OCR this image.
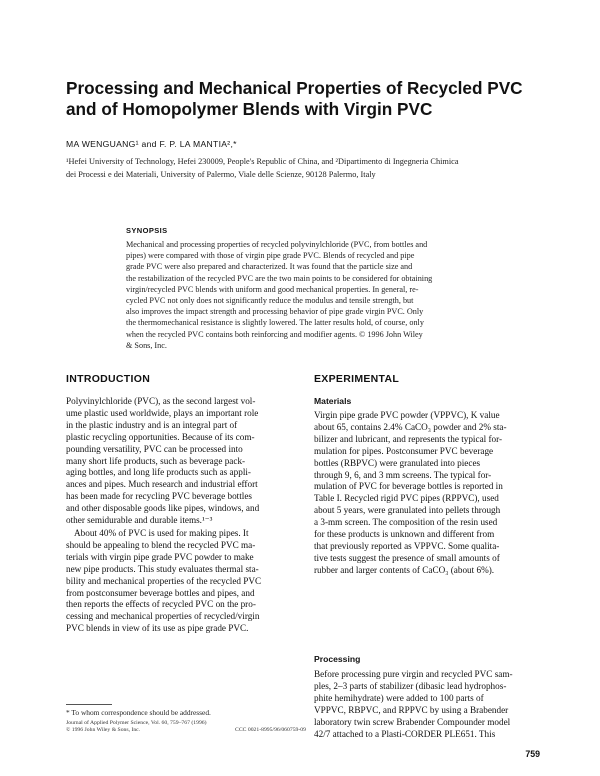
Processing and Mechanical Properties of Recycled PVC
and of Homopolymer Blends with Virgin PVC
MA WENGUANG¹ and F. P. LA MANTIA²,*
¹Hefei University of Technology, Hefei 230009, People's Republic of China, and ²Dipartimento di Ingegneria Chimica
dei Processi e dei Materiali, University of Palermo, Viale delle Scienze, 90128 Palermo, Italy
SYNOPSIS
Mechanical and processing properties of recycled polyvinylchloride (PVC, from bottles and
pipes) were compared with those of virgin pipe grade PVC. Blends of recycled and pipe
grade PVC were also prepared and characterized. It was found that the particle size and
the restabilization of the recycled PVC are the two main points to be considered for obtaining
virgin/recycled PVC blends with uniform and good mechanical properties. In general, re-
cycled PVC not only does not significantly reduce the modulus and tensile strength, but
also improves the impact strength and processing behavior of pipe grade virgin PVC. Only
the thermomechanical resistance is slightly lowered. The latter results hold, of course, only
when the recycled PVC contains both reinforcing and modifier agents. © 1996 John Wiley
& Sons, Inc.
INTRODUCTION
Polyvinylchloride (PVC), as the second largest vol-
ume plastic used worldwide, plays an important role
in the plastic industry and is an integral part of
plastic recycling opportunities. Because of its com-
pounding versatility, PVC can be processed into
many short life products, such as beverage pack-
aging bottles, and long life products such as appli-
ances and pipes. Much research and industrial effort
has been made for recycling PVC beverage bottles
and other disposable goods like pipes, windows, and
other semidurable and durable items.¹⁻³
About 40% of PVC is used for making pipes. It
should be appealing to blend the recycled PVC ma-
terials with virgin pipe grade PVC powder to make
new pipe products. This study evaluates thermal sta-
bility and mechanical properties of the recycled PVC
from postconsumer beverage bottles and pipes, and
then reports the effects of recycled PVC on the pro-
cessing and mechanical properties of recycled/virgin
PVC blends in view of its use as pipe grade PVC.
* To whom correspondence should be addressed.
Journal of Applied Polymer Science, Vol. 60, 759–767 (1996)
© 1996 John Wiley & Sons, Inc.	CCC 0021-8995/96/060759-09
EXPERIMENTAL
Materials
Virgin pipe grade PVC powder (VPPVC), K value
about 65, contains 2.4% CaCO₃ powder and 2% sta-
bilizer and lubricant, and represents the typical for-
mulation for pipes. Postconsumer PVC beverage
bottles (RBPVC) were granulated into pieces
through 9, 6, and 3 mm screens. The typical for-
mulation of PVC for beverage bottles is reported in
Table I. Recycled rigid PVC pipes (RPPVC), used
about 5 years, were granulated into pellets through
a 3-mm screen. The composition of the resin used
for these products is unknown and different from
that previously reported as VPPVC. Some qualita-
tive tests suggest the presence of small amounts of
rubber and larger contents of CaCO₃ (about 6%).
Processing
Before processing pure virgin and recycled PVC sam-
ples, 2–3 parts of stabilizer (dibasic lead hydrophos-
phite hemihydrate) were added to 100 parts of
VPPVC, RBPVC, and RPPVC by using a Brabender
laboratory twin screw Brabender Compounder model
42/7 attached to a Plasti-CORDER PLE651. This
759
